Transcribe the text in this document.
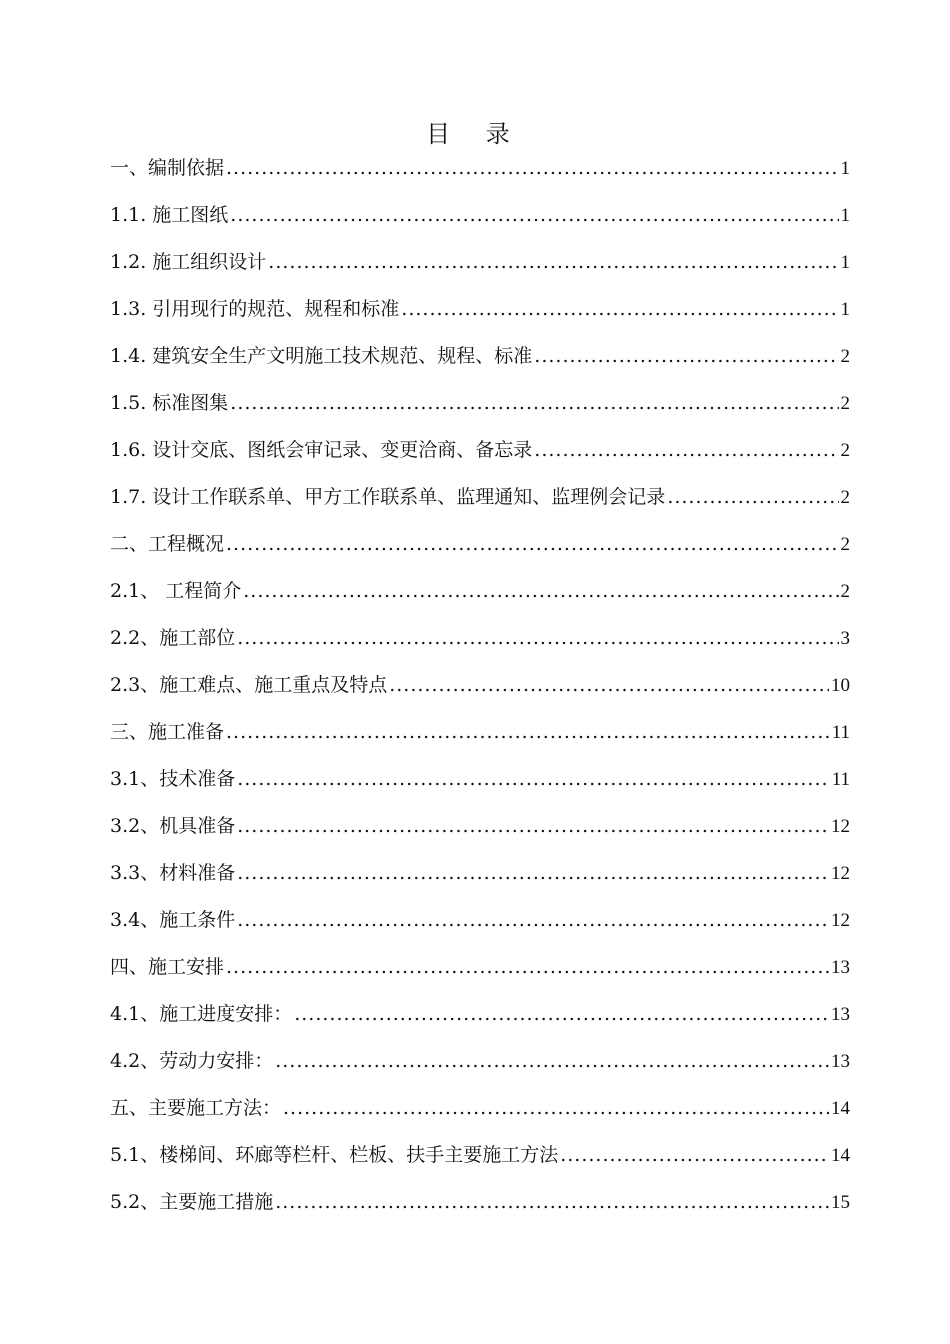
目 录
一、编制依据 .....	1
1.1. 施工图纸 .....	1
1.2. 施工组织设计 .....	1
1.3. 引用现行的规范、规程和标准 .....	1
1.4. 建筑安全生产文明施工技术规范、规程、标准 .....	2
1.5. 标准图集 .....	2
1.6. 设计交底、图纸会审记录、变更洽商、备忘录 .....	2
1.7. 设计工作联系单、甲方工作联系单、监理通知、监理例会记录 .....	2
二、工程概况 .....	2
2.1、 工程简介 .....	2
2.2、施工部位 .....	3
2.3、施工难点、施工重点及特点 .....	10
三、施工准备 .....	11
3.1、技术准备 .....	11
3.2、机具准备 .....	12
3.3、材料准备 .....	12
3.4、施工条件 .....	12
四、施工安排 .....	13
4.1、施工进度安排： .....	13
4.2、劳动力安排： .....	13
五、主要施工方法： .....	14
5.1、楼梯间、环廊等栏杆、栏板、扶手主要施工方法 .....	14
5.2、主要施工措施 .....	15
